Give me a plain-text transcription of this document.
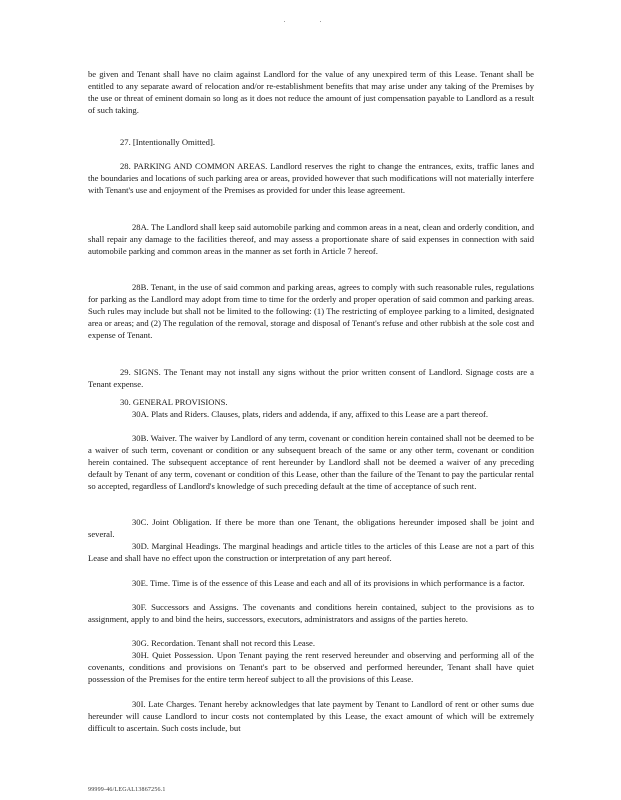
· ·

be given and Tenant shall have no claim against Landlord for the value of any unexpired term of this Lease. Tenant shall be entitled to any separate award of relocation and/or re-establishment benefits that may arise under any taking of the Premises by the use or threat of eminent domain so long as it does not reduce the amount of just compensation payable to Landlord as a result of such taking.

27. [Intentionally Omitted].

28. PARKING AND COMMON AREAS. Landlord reserves the right to change the entrances, exits, traffic lanes and the boundaries and locations of such parking area or areas, provided however that such modifications will not materially interfere with Tenant's use and enjoyment of the Premises as provided for under this lease agreement.

28A. The Landlord shall keep said automobile parking and common areas in a neat, clean and orderly condition, and shall repair any damage to the facilities thereof, and may assess a proportionate share of said expenses in connection with said automobile parking and common areas in the manner as set forth in Article 7 hereof.

28B. Tenant, in the use of said common and parking areas, agrees to comply with such reasonable rules, regulations for parking as the Landlord may adopt from time to time for the orderly and proper operation of said common and parking areas. Such rules may include but shall not be limited to the following: (1) The restricting of employee parking to a limited, designated area or areas; and (2) The regulation of the removal, storage and disposal of Tenant's refuse and other rubbish at the sole cost and expense of Tenant.

29. SIGNS. The Tenant may not install any signs without the prior written consent of Landlord. Signage costs are a Tenant expense.

30. GENERAL PROVISIONS.

30A. Plats and Riders. Clauses, plats, riders and addenda, if any, affixed to this Lease are a part thereof.

30B. Waiver. The waiver by Landlord of any term, covenant or condition herein contained shall not be deemed to be a waiver of such term, covenant or condition or any subsequent breach of the same or any other term, covenant or condition herein contained. The subsequent acceptance of rent hereunder by Landlord shall not be deemed a waiver of any preceding default by Tenant of any term, covenant or condition of this Lease, other than the failure of the Tenant to pay the particular rental so accepted, regardless of Landlord's knowledge of such preceding default at the time of acceptance of such rent.

30C. Joint Obligation. If there be more than one Tenant, the obligations hereunder imposed shall be joint and several.

30D. Marginal Headings. The marginal headings and article titles to the articles of this Lease are not a part of this Lease and shall have no effect upon the construction or interpretation of any part hereof.

30E. Time. Time is of the essence of this Lease and each and all of its provisions in which performance is a factor.

30F. Successors and Assigns. The covenants and conditions herein contained, subject to the provisions as to assignment, apply to and bind the heirs, successors, executors, administrators and assigns of the parties hereto.

30G. Recordation. Tenant shall not record this Lease.

30H. Quiet Possession. Upon Tenant paying the rent reserved hereunder and observing and performing all of the covenants, conditions and provisions on Tenant's part to be observed and performed hereunder, Tenant shall have quiet possession of the Premises for the entire term hereof subject to all the provisions of this Lease.

30I. Late Charges. Tenant hereby acknowledges that late payment by Tenant to Landlord of rent or other sums due hereunder will cause Landlord to incur costs not contemplated by this Lease, the exact amount of which will be extremely difficult to ascertain. Such costs include, but

99999-46/LEGAL13867256.1
